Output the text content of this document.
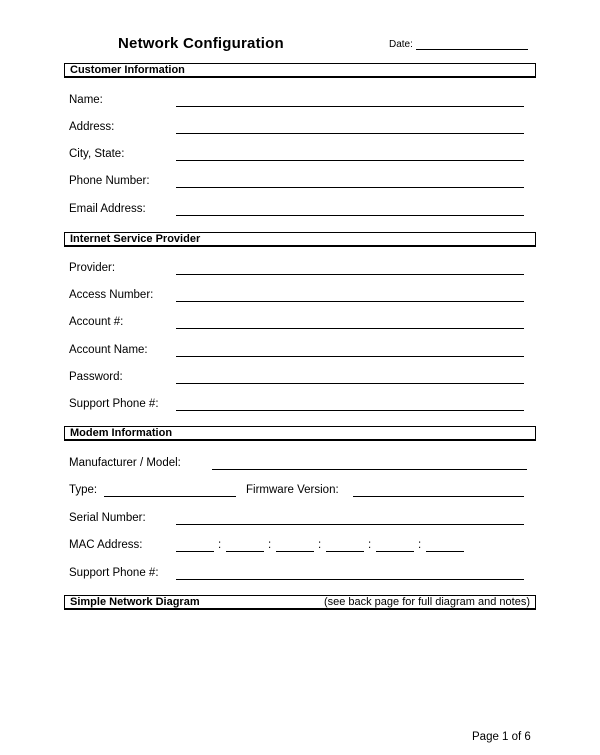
Network Configuration	Date:
Customer Information
Name:
Address:
City, State:
Phone Number:
Email Address:
Internet Service Provider
Provider:
Access Number:
Account #:
Account Name:
Password:
Support Phone #:
Modem Information
Manufacturer / Model:
Type:	Firmware Version:
Serial Number:
MAC Address:	:	:	:	:	:
Support Phone #:
Simple Network Diagram	(see back page for full diagram and notes)
Page 1 of 6
